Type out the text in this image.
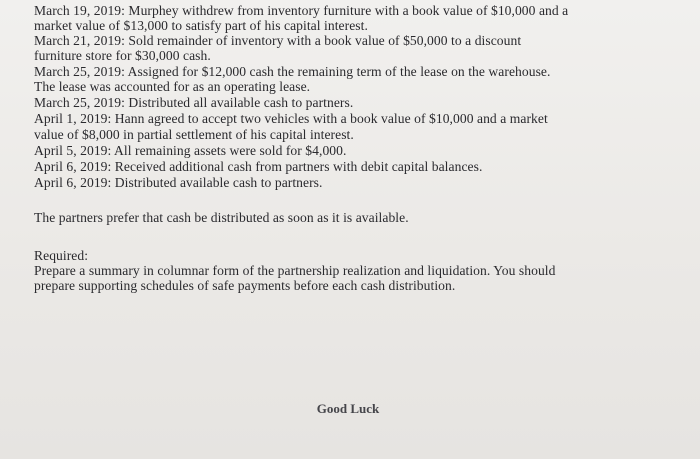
March 19, 2019: Murphey withdrew from inventory furniture with a book value of $10,000 and a
market value of $13,000 to satisfy part of his capital interest.
March 21, 2019: Sold remainder of inventory with a book value of $50,000 to a discount
furniture store for $30,000 cash.
March 25, 2019: Assigned for $12,000 cash the remaining term of the lease on the warehouse.
The lease was accounted for as an operating lease.
March 25, 2019: Distributed all available cash to partners.
April 1, 2019: Hann agreed to accept two vehicles with a book value of $10,000 and a market
value of $8,000 in partial settlement of his capital interest.
April 5, 2019: All remaining assets were sold for $4,000.
April 6, 2019: Received additional cash from partners with debit capital balances.
April 6, 2019: Distributed available cash to partners.
The partners prefer that cash be distributed as soon as it is available.
Required:
Prepare a summary in columnar form of the partnership realization and liquidation. You should
prepare supporting schedules of safe payments before each cash distribution.
Good Luck
